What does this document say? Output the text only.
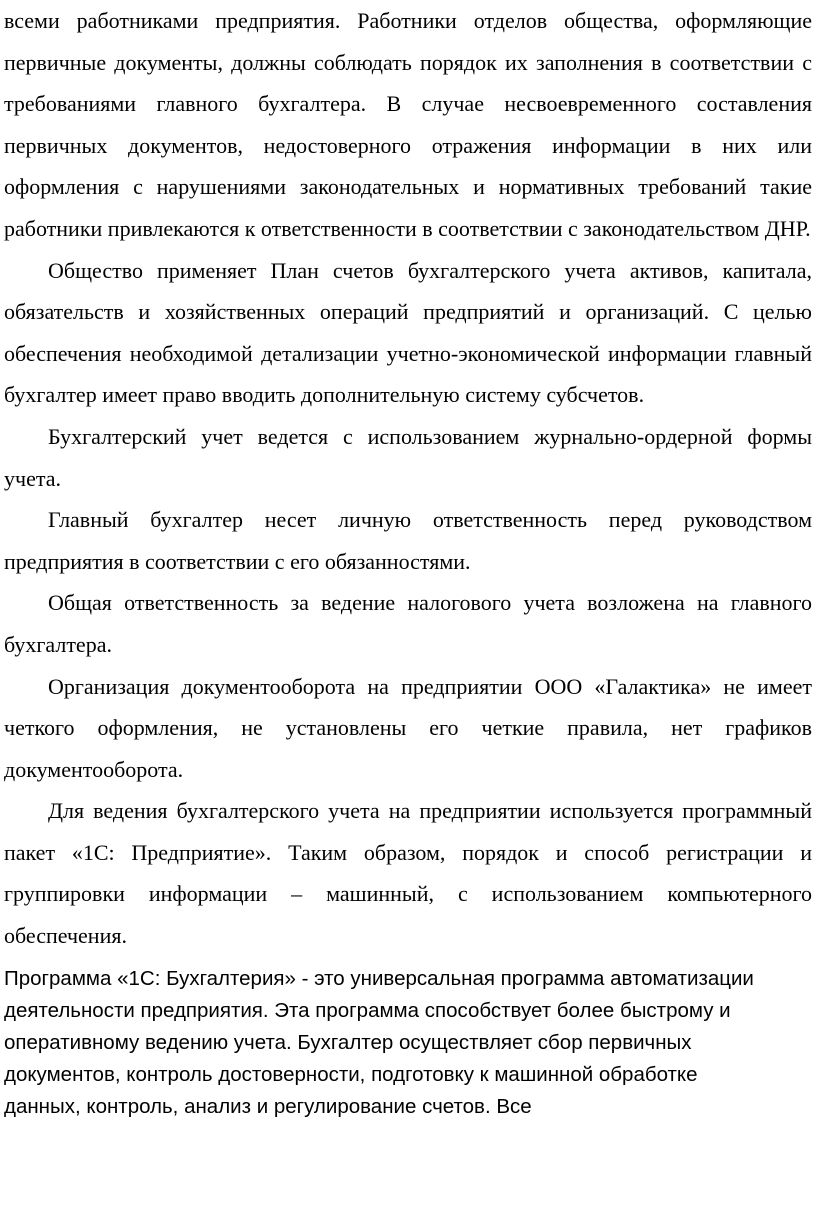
всеми работниками предприятия. Работники отделов общества, оформляющие первичные документы, должны соблюдать порядок их заполнения в соответствии с требованиями главного бухгалтера. В случае несвоевременного составления первичных документов, недостоверного отражения информации в них или оформления с нарушениями законодательных и нормативных требований такие работники привлекаются к ответственности в соответствии с законодательством ДНР.

Общество применяет План счетов бухгалтерского учета активов, капитала, обязательств и хозяйственных операций предприятий и организаций. С целью обеспечения необходимой детализации учетно-экономической информации главный бухгалтер имеет право вводить дополнительную систему субсчетов.

Бухгалтерский учет ведется с использованием журнально-ордерной формы учета.

Главный бухгалтер несет личную ответственность перед руководством предприятия в соответствии с его обязанностями.

Общая ответственность за ведение налогового учета возложена на главного бухгалтера.

Организация документооборота на предприятии ООО «Галактика» не имеет четкого оформления, не установлены его четкие правила, нет графиков документооборота.

Для ведения бухгалтерского учета на предприятии используется программный пакет «1С: Предприятие». Таким образом, порядок и способ регистрации и группировки информации – машинный, с использованием компьютерного обеспечения.

Программа «1С: Бухгалтерия» - это универсальная программа автоматизации
деятельности предприятия. Эта программа способствует более быстрому и
оперативному ведению учета. Бухгалтер осуществляет сбор первичных
документов, контроль достоверности, подготовку к машинной обработке
данных, контроль, анализ и регулирование счетов. Все
